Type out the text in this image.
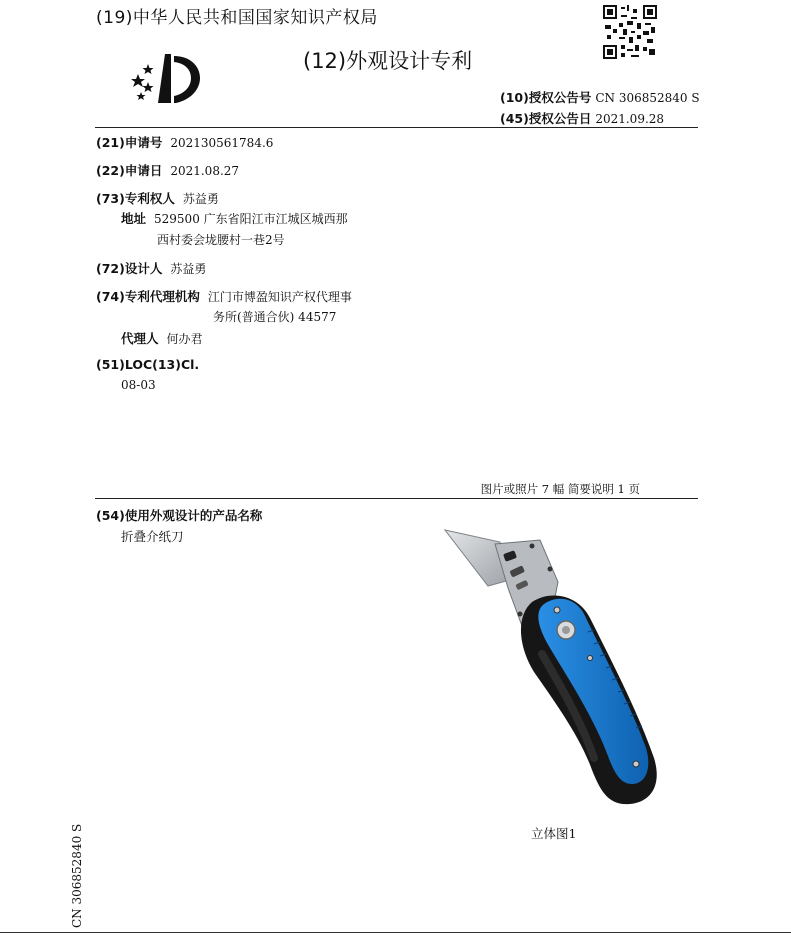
(19)中华人民共和国国家知识产权局
(12)外观设计专利
(10)授权公告号 CN 306852840 S
(45)授权公告日 2021.09.28
(21)申请号 202130561784.6
(22)申请日 2021.08.27
(73)专利权人 苏益勇
地址 529500 广东省阳江市江城区城西那
西村委会垅腰村一巷2号
(72)设计人 苏益勇
(74)专利代理机构 江门市博盈知识产权代理事
务所(普通合伙) 44577
代理人 何办君
(51)LOC(13)Cl.
08-03
图片或照片 7 幅 简要说明 1 页
(54)使用外观设计的产品名称
折叠介纸刀
立体图1
CN 306852840 S
